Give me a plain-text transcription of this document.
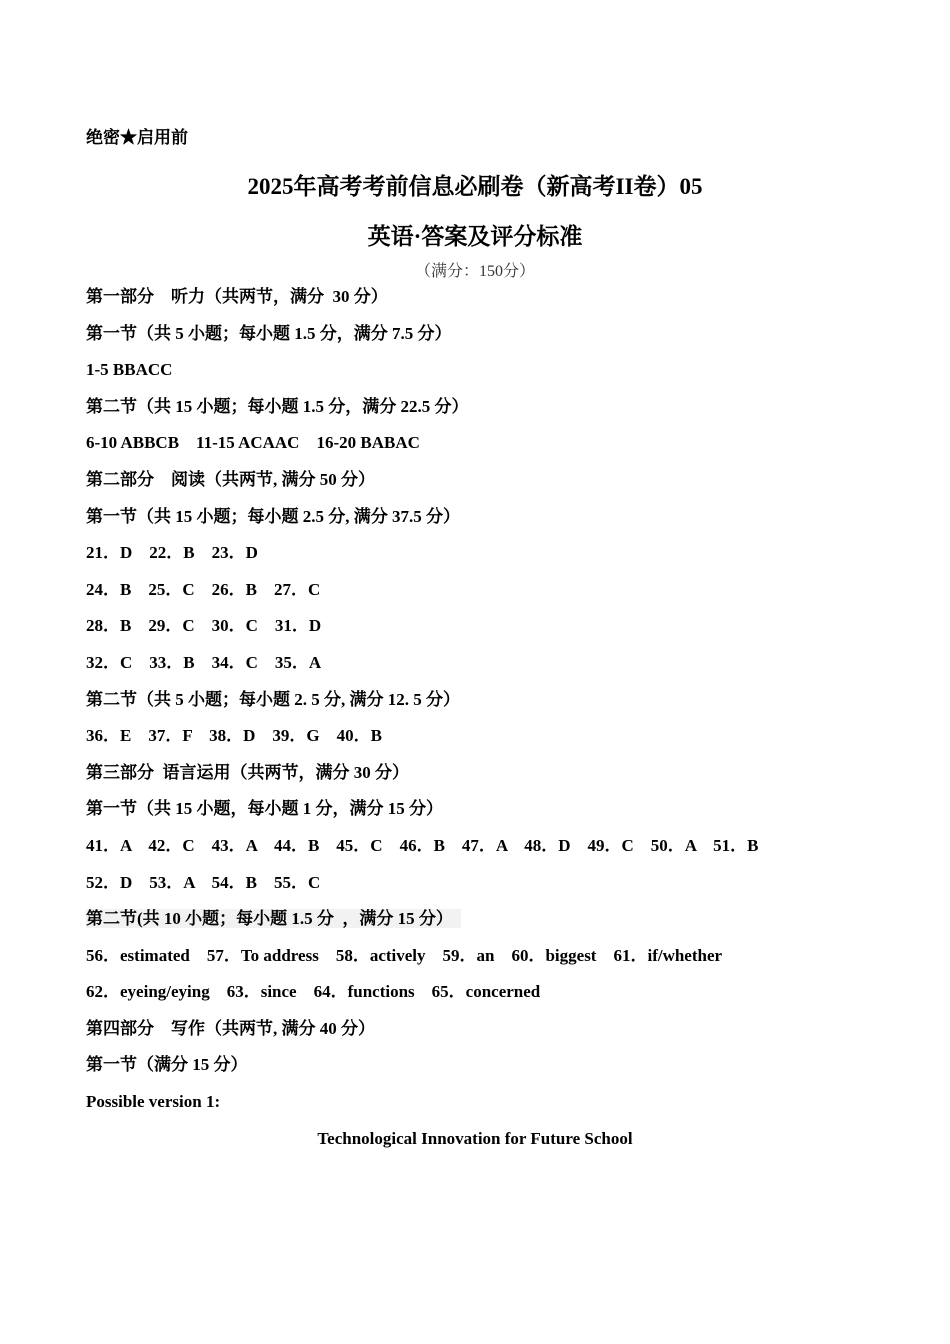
绝密★启用前
2025年高考考前信息必刷卷（新高考II卷）05
英语·答案及评分标准
（满分：150分）
第一部分    听力（共两节，满分  30 分）
第一节（共 5 小题；每小题 1.5 分，满分 7.5 分）
1-5 BBACC
第二节（共 15 小题；每小题 1.5 分，满分 22.5 分）
6-10 ABBCB    11-15 ACAAC    16-20 BABAC
第二部分    阅读（共两节, 满分 50 分）
第一节（共 15 小题；每小题 2.5 分, 满分 37.5 分）
21．D    22．B    23．D
24．B    25．C    26．B    27．C
28．B    29．C    30．C    31．D
32．C    33．B    34．C    35．A
第二节（共 5 小题；每小题 2. 5 分, 满分 12. 5 分）
36．E    37．F    38．D    39．G    40．B
第三部分  语言运用（共两节，满分 30 分）
第一节（共 15 小题，每小题 1 分，满分 15 分）
41．A    42．C    43．A    44．B    45．C    46．B    47．A    48．D    49．C    50．A    51．B
52．D    53．A    54．B    55．C
第二节(共 10 小题；每小题 1.5 分  ，满分 15 分）
56．estimated    57．To address    58．actively    59．an    60．biggest    61．if/whether
62．eyeing/eying    63．since    64．functions    65．concerned
第四部分    写作（共两节, 满分 40 分）
第一节（满分 15 分）
Possible version 1:
Technological Innovation for Future School
